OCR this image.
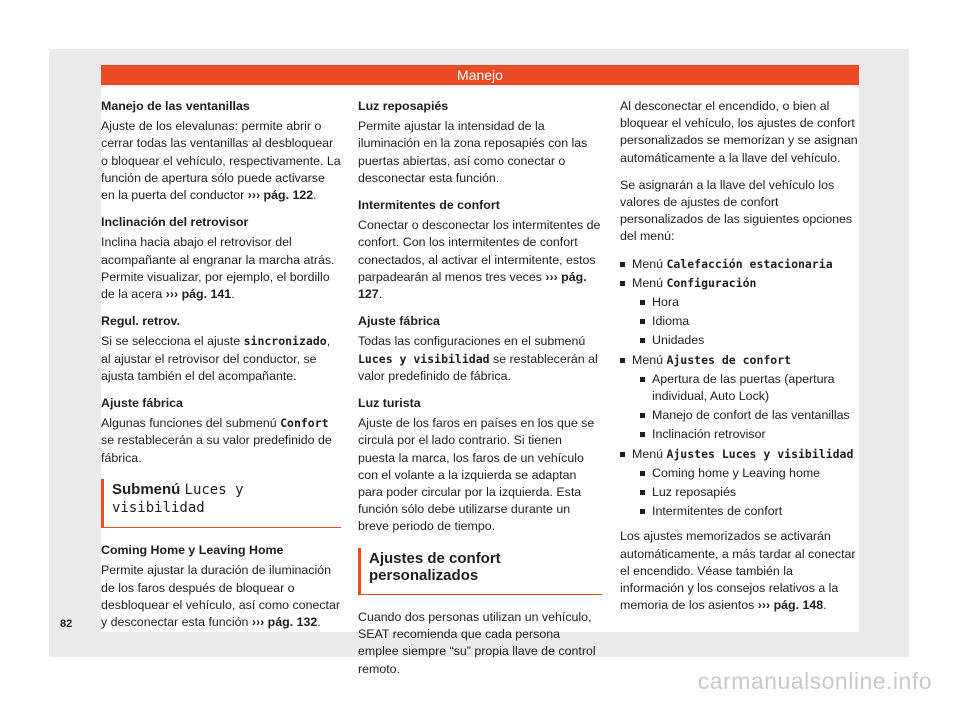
Manejo
Manejo de las ventanillas

Ajuste de los elevalunas: permite abrir o cerrar todas las ventanillas al desbloquear o bloquear el vehículo, respectivamente. La función de apertura sólo puede activarse en la puerta del conductor ››› pág. 122.

Inclinación del retrovisor

Inclina hacia abajo el retrovisor del acompañante al engranar la marcha atrás. Permite visualizar, por ejemplo, el bordillo de la acera ››› pág. 141.

Regul. retrov.

Si se selecciona el ajuste sincronizado, al ajustar el retrovisor del conductor, se ajusta también el del acompañante.

Ajuste fábrica

Algunas funciones del submenú Confort se restablecerán a su valor predefinido de fábrica.

Submenú Luces y visibilidad
Coming Home y Leaving Home

Permite ajustar la duración de iluminación de los faros después de bloquear o desbloquear el vehículo, así como conectar y desconectar esta función ››› pág. 132.

Luz reposapiés

Permite ajustar la intensidad de la iluminación en la zona reposapiés con las puertas abiertas, así como conectar o desconectar esta función.

Intermitentes de confort

Conectar o desconectar los intermitentes de confort. Con los intermitentes de confort conectados, al activar el intermitente, estos parpadearán al menos tres veces ››› pág. 127.

Ajuste fábrica

Todas las configuraciones en el submenú Luces y visibilidad se restablecerán al valor predefinido de fábrica.

Luz turista

Ajuste de los faros en países en los que se circula por el lado contrario. Si tienen puesta la marca, los faros de un vehículo con el volante a la izquierda se adaptan para poder circular por la izquierda. Esta función sólo debe utilizarse durante un breve periodo de tiempo.

Ajustes de confort personalizados

Cuando dos personas utilizan un vehículo, SEAT recomienda que cada persona emplee siempre “su” propia llave de control remoto.

Al desconectar el encendido, o bien al bloquear el vehículo, los ajustes de confort personalizados se memorizan y se asignan automáticamente a la llave del vehículo.

Se asignarán a la llave del vehículo los valores de ajustes de confort personalizados de las siguientes opciones del menú:

Menú Calefacción estacionaria
Menú Configuración
Hora
Idioma
Unidades
Menú Ajustes de confort
Apertura de las puertas (apertura individual, Auto Lock)
Manejo de confort de las ventanillas
Inclinación retrovisor
Menú Ajustes Luces y visibilidad
Coming home y Leaving home
Luz reposapiés
Intermitentes de confort

Los ajustes memorizados se activarán automáticamente, a más tardar al conectar el encendido. Véase también la información y los consejos relativos a la memoria de los asientos ››› pág. 148.

82
carmanualsonline.info
